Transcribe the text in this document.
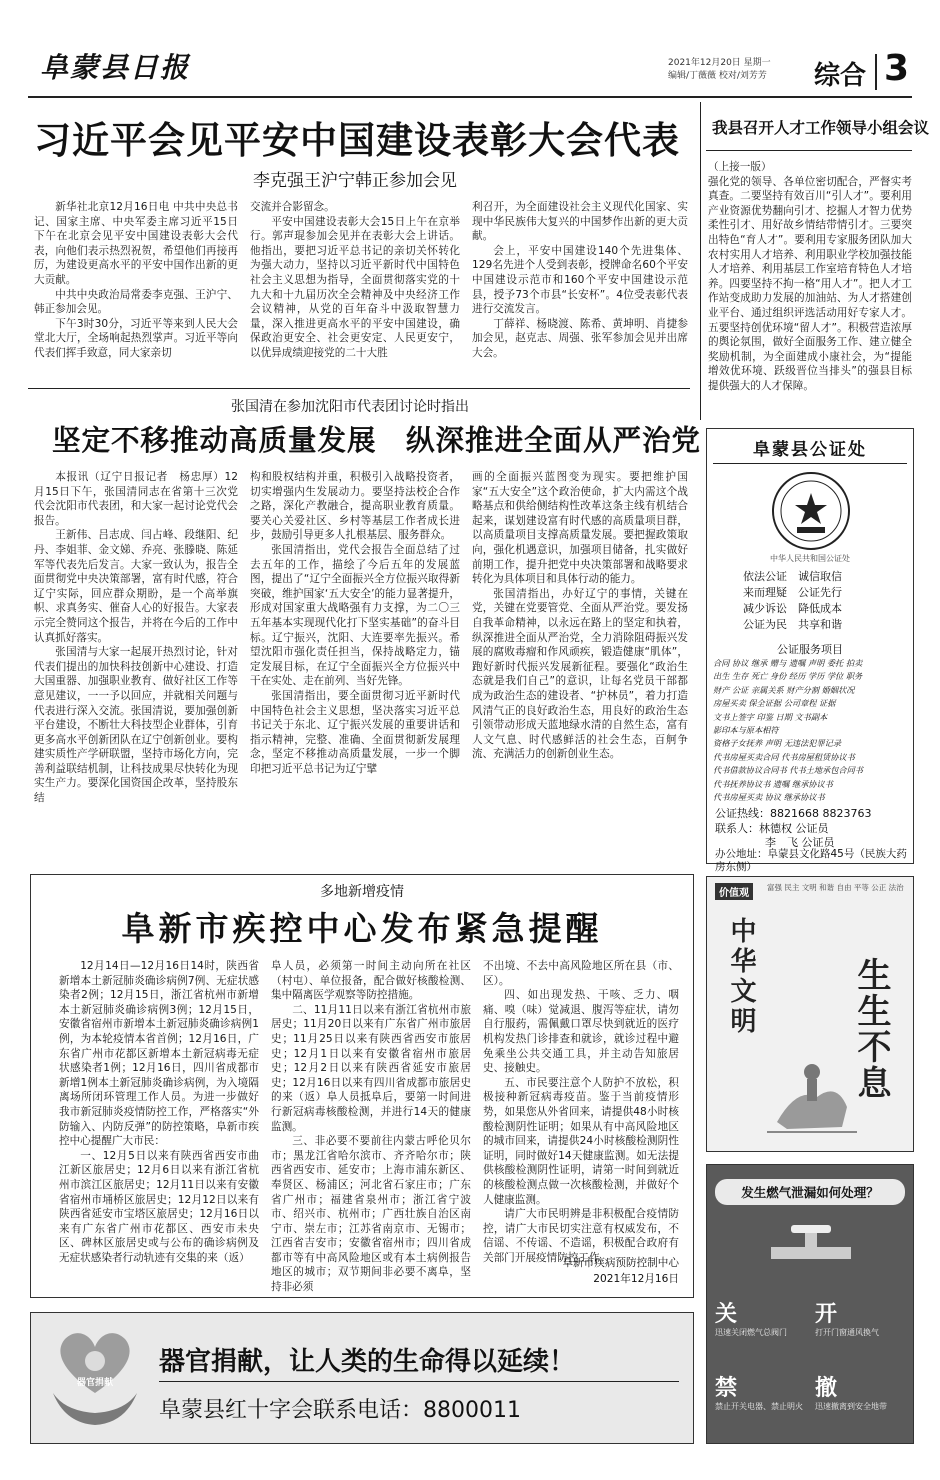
阜蒙县日报	2021年12月20日 星期一
编辑/丁薇薇 校对/刘芳芳 综合 3
习近平会见平安中国建设表彰大会代表
李克强王沪宁韩正参加会见

新华社北京12月16日电 中共中央总书记、国家主席、中央军委主席习近平15日下午在北京会见平安中国建设表彰大会代表，向他们表示热烈祝贺，希望他们再接再厉，为建设更高水平的平安中国作出新的更大贡献。

中共中央政治局常委李克强、王沪宁、韩正参加会见。

下午3时30分，习近平等来到人民大会堂北大厅，全场响起热烈掌声。习近平等向代表们挥手致意，同大家亲切

交流并合影留念。

平安中国建设表彰大会15日上午在京举行。郭声琨参加会见并在表彰大会上讲话。他指出，要把习近平总书记的亲切关怀转化为强大动力，坚持以习近平新时代中国特色社会主义思想为指导，全面贯彻落实党的十九大和十九届历次全会精神及中央经济工作会议精神，从党的百年奋斗中汲取智慧力量，深入推进更高水平的平安中国建设，确保政治更安全、社会更安定、人民更安宁，以优异成绩迎接党的二十大胜

利召开，为全面建设社会主义现代化国家、实现中华民族伟大复兴的中国梦作出新的更大贡献。

会上，平安中国建设140个先进集体、129名先进个人受到表彰，授牌命名60个平安中国建设示范市和160个平安中国建设示范县，授予73个市县“长安杯”。4位受表彰代表进行交流发言。

丁薛祥、杨晓渡、陈希、黄坤明、肖捷参加会见，赵克志、周强、张军参加会见并出席大会。

我县召开人才工作领导小组会议

（上接一版）

强化党的领导、各单位密切配合，严督实考真查。二要坚持有效百川“引人才”。要利用产业资源优势翻向引才、挖掘人才智力优势柔性引才、用好故乡情结带情引才。三要突出特色“育人才”。要利用专家服务团队加大农村实用人才培养、利用职业学校加强技能人才培养、利用基层工作室培育特色人才培养。四要坚持不拘一格“用人才”。把人才工作站变成助力发展的加油站、为人才搭建创业平台、通过组织评选活动用好专家人才。五要坚持创优环境“留人才”。积极营造浓厚的舆论氛围，做好全面服务工作、建立健全奖励机制，为全面建成小康社会，为“提能增效优环境、跃级晋位当排头”的强县目标提供强大的人才保障。

张国清在参加沈阳市代表团讨论时指出
坚定不移推动高质量发展　纵深推进全面从严治党

本报讯（辽宁日报记者　杨忠厚）12月15日下午，张国清同志在省第十三次党代会沈阳市代表团，和大家一起讨论党代会报告。

王新伟、吕志成、闫占峰、段继阳、纪丹、李姐菲、金文娣、乔亮、张滕晓、陈延军等代表先后发言。大家一致认为，报告全面贯彻党中央决策部署，富有时代感，符合辽宁实际，回应群众期盼，是一个高举旗帜、求真务实、催奋人心的好报告。大家表示完全赞同这个报告，并将在今后的工作中认真抓好落实。

张国清与大家一起展开热烈讨论，针对代表们提出的加快科技创新中心建设、打造大国重器、加强职业教育、做好社区工作等意见建议，一一予以回应，并就相关问题与代表进行深入交流。张国清说，要加强创新平台建设，不断壮大科技型企业群体，引育更多高水平创新团队在辽宁创新创业。要构建实质性产学研联盟，坚持市场化方向，完善利益联结机制，让科技成果尽快转化为现实生产力。要深化国资国企改革，坚持股东结

构和股权结构并重，积极引入战略投资者，切实增强内生发展动力。要坚持法校企合作之路，深化产教融合，提高职业教育质量。要关心关爱社区、乡村等基层工作者成长进步，鼓励引导更多人扎根基层、服务群众。

张国清指出，党代会报告全面总结了过去五年的工作，描绘了今后五年的发展蓝图，提出了“辽宁全面振兴全方位振兴取得新突破，维护国家‘五大安全’的能力显著提升，形成对国家重大战略强有力支撑，为二〇三五年基本实现现代化打下坚实基础”的奋斗目标。辽宁振兴，沈阳、大连要率先振兴。希望沈阳市强化责任担当，保持战略定力，锚定发展目标，在辽宁全面振兴全方位振兴中干在实处、走在前列、当好先锋。

张国清指出，要全面贯彻习近平新时代中国特色社会主义思想，坚决落实习近平总书记关于东北、辽宁振兴发展的重要讲话和指示精神，完整、准确、全面贯彻新发展理念，坚定不移推动高质量发展，一步一个脚印把习近平总书记为辽宁擘

画的全面振兴蓝图变为现实。要把维护国家“五大安全”这个政治使命，扩大内需这个战略基点和供给侧结构性改革这条主线有机结合起来，谋划建设富有时代感的高质量项目群，以高质量项目支撑高质量发展。要把握政策取向，强化机遇意识，加强项目储备，扎实做好前期工作，提升把党中央决策部署和战略要求转化为具体项目和具体行动的能力。

张国清指出，办好辽宁的事情，关键在党，关键在党要管党、全面从严治党。要发扬自我革命精神，以永远在路上的坚定和执着，纵深推进全面从严治党，全力消除阻碍振兴发展的腐败毒瘤和作风顽疾，锻造健康“肌体”，跑好新时代振兴发展新征程。要强化“政治生态就是我们自己”的意识，让每名党员干部都成为政治生态的建设者、“护林员”，着力打造风清气正的良好政治生态，用良好的政治生态引领带动形成天蓝地绿水清的自然生态，富有人文气息、时代感鲜活的社会生态，百舸争流、充满活力的创新创业生态。

阜蒙县公证处
中华人民共和国公证处
依法公证　诚信取信
来而理疑　公证先行
减少诉讼　降低成本
公证为民　共享和谐
公证服务项目
合同 协议 继承 赠与 遗嘱 声明 委托 拍卖
出生 生存 死亡 身份 经历 学历 学位 职务
财产 公证 亲属关系 财产分割 婚姻状况
房屋买卖 保全证据 公司章程 证据
文书上签字 印鉴 日期 文书副本
影印本与原本相符
资格子女抚养 声明 无违法犯罪记录
代书房屋买卖合同 代书房屋租赁协议书
代书借款协议合同书 代书土地承包合同书
代书抚养协议书 遗嘱 继承协议书
代书房屋买卖 协议 继承协议书
公证热线：8821668 8823763
联系人：林德权 公证员
李　飞 公证员
办公地址：阜蒙县文化路45号（民族大药房东侧）
价值观
富强 民主 文明 和谐 自由 平等 公正 法治
中华文明	生生不息
发生燃气泄漏如何处理？
关
迅速关闭燃气总阀门
开
打开门窗通风换气
禁
禁止开关电器、禁止明火
撤
迅速撤离到安全地带
多地新增疫情
阜新市疾控中心发布紧急提醒

12月14日—12月16日14时，陕西省新增本土新冠肺炎确诊病例7例、无症状感染者2例；12月15日，浙江省杭州市新增本土新冠肺炎确诊病例3例；12月15日，安徽省宿州市新增本土新冠肺炎确诊病例1例，为本轮疫情本省首例；12月16日，广东省广州市花都区新增本土新冠病毒无症状感染者1例；12月16日，四川省成都市新增1例本土新冠肺炎确诊病例，为入境隔离场所闭环管理工作人员。为进一步做好我市新冠肺炎疫情防控工作，严格落实“外防输入、内防反弹”的防控策略，阜新市疾控中心提醒广大市民：

一、12月5日以来有陕西省西安市曲江新区旅居史；12月6日以来有浙江省杭州市滨江区旅居史；12月11日以来有安徽省宿州市埇桥区旅居史；12月12日以来有陕西省延安市宝塔区旅居史；12月16日以来有广东省广州市花都区、西安市未央区、碑林区旅居史或与公布的确诊病例及无症状感染者行动轨迹有交集的来（返）

阜人员，必须第一时间主动向所在社区（村屯）、单位报备，配合做好核酸检测、集中隔离医学观察等防控措施。

二、11月11日以来有浙江省杭州市旅居史；11月20日以来有广东省广州市旅居史；11月25日以来有陕西省西安市旅居史；12月1日以来有安徽省宿州市旅居史；12月2日以来有陕西省延安市旅居史；12月16日以来有四川省成都市旅居史的来（返）阜人员抵阜后，要第一时间进行新冠病毒核酸检测，并进行14天的健康监测。

三、非必要不要前往内蒙古呼伦贝尔市；黑龙江省哈尔滨市、齐齐哈尔市；陕西省西安市、延安市；上海市浦东新区、奉贤区、杨浦区；河北省石家庄市；广东省广州市；福建省泉州市；浙江省宁波市、绍兴市、杭州市；广西壮族自治区南宁市、崇左市；江苏省南京市、无锡市；江西省吉安市；安徽省宿州市；四川省成都市等有中高风险地区或有本土病例报告地区的城市；双节期间非必要不离阜，坚持非必须

不出境、不去中高风险地区所在县（市、区）。

四、如出现发热、干咳、乏力、咽痛、嗅（味）觉减退、腹泻等症状，请勿自行服药，需佩戴口罩尽快到就近的医疗机构发热门诊排查和就诊，就诊过程中避免乘坐公共交通工具，并主动告知旅居史、接触史。

五、市民要注意个人防护不放松，积极接种新冠病毒疫苗。鉴于当前疫情形势，如果您从外省回来，请提供48小时核酸检测阴性证明；如果从有中高风险地区的城市回来，请提供24小时核酸检测阴性证明，同时做好14天健康监测。如无法提供核酸检测阴性证明，请第一时间到就近的核酸检测点做一次核酸检测，并做好个人健康监测。

请广大市民明辨是非积极配合疫情防控，请广大市民切实注意有权威发布，不信谣、不传谣、不造谣，积极配合政府有关部门开展疫情防控工作。

阜新市疾病预防控制中心
2021年12月16日
器官捐献
器官捐献，让人类的生命得以延续！
阜蒙县红十字会联系电话：8800011
